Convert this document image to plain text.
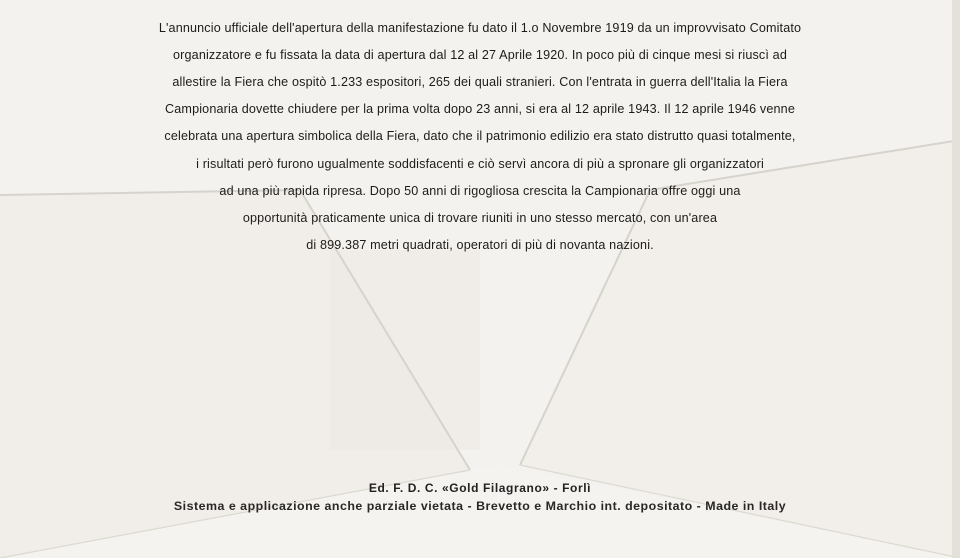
L'annuncio ufficiale dell'apertura della manifestazione fu dato il 1.o Novembre 1919 da un improvvisato Comitato

organizzatore e fu fissata la data di apertura dal 12 al 27 Aprile 1920. In poco più di cinque mesi si riuscì ad

allestire la Fiera che ospitò 1.233 espositori, 265 dei quali stranieri. Con l'entrata in guerra dell'Italia la Fiera

Campionaria dovette chiudere per la prima volta dopo 23 anni, si era al 12 aprile 1943. Il 12 aprile 1946 venne

celebrata una apertura simbolica della Fiera, dato che il patrimonio edilizio era stato distrutto quasi totalmente,

i risultati però furono ugualmente soddisfacenti e ciò servì ancora di più a spronare gli organizzatori

ad una più rapida ripresa. Dopo 50 anni di rigogliosa crescita la Campionaria offre oggi una

opportunità praticamente unica di trovare riuniti in uno stesso mercato, con un'area

di 899.387 metri quadrati, operatori di più di novanta nazioni.

Ed. F. D. C. «Gold Filagrano» - Forlì
Sistema e applicazione anche parziale vietata - Brevetto e Marchio int. depositato - Made in Italy
